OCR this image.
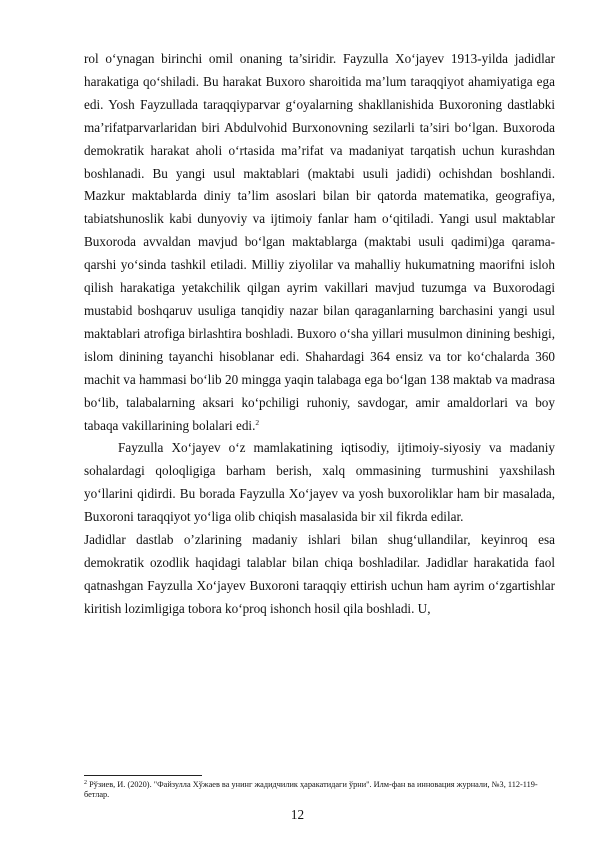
rol o‘ynagan birinchi omil onaning ta’siridir. Fayzulla Xo‘jayev 1913-yilda jadidlar harakatiga qo‘shiladi. Bu harakat Buxoro sharoitida ma’lum taraqqiyot ahamiyatiga ega edi. Yosh Fayzullada taraqqiyparvar g‘oyalarning shakllanishida Buxoroning dastlabki ma’rifatparvarlaridan biri Abdulvohid Burxonovning sezilarli ta’siri bo‘lgan. Buxoroda demokratik harakat aholi o‘rtasida ma’rifat va madaniyat tarqatish uchun kurashdan boshlanadi. Bu yangi usul maktablari (maktabi usuli jadidi) ochishdan boshlandi. Mazkur maktablarda diniy ta’lim asoslari bilan bir qatorda matematika, geografiya, tabiatshunoslik kabi dunyoviy va ijtimoiy fanlar ham o‘qitiladi. Yangi usul maktablar Buxoroda avvaldan mavjud bo‘lgan maktablarga (maktabi usuli qadimi)ga qarama-qarshi yo‘sinda tashkil etiladi. Milliy ziyolilar va mahalliy hukumatning maorifni isloh qilish harakatiga yetakchilik qilgan ayrim vakillari mavjud tuzumga va Buxorodagi mustabid boshqaruv usuliga tanqidiy nazar bilan qaraganlarning barchasini yangi usul maktablari atrofiga birlashtira boshladi. Buxoro o‘sha yillari musulmon dinining beshigi, islom dinining tayanchi hisoblanar edi. Shahardagi 364 ensiz va tor ko‘chalarda 360 machit va hammasi bo‘lib 20 mingga yaqin talabaga ega bo‘lgan 138 maktab va madrasa bo‘lib, talabalarning aksari ko‘pchiligi ruhoniy, savdogar, amir amaldorlari va boy tabaqa vakillarining bolalari edi.$^2$

Fayzulla Xo‘jayev o‘z mamlakatining iqtisodiy, ijtimoiy-siyosiy va madaniy sohalardagi qoloqligiga barham berish, xalq ommasining turmushini yaxshilash yo‘llarini qidirdi. Bu borada Fayzulla Xo‘jayev va yosh buxoroliklar ham bir masalada, Buxoroni taraqqiyot yo‘liga olib chiqish masalasida bir xil fikrda edilar.

Jadidlar dastlab o’zlarining madaniy ishlari bilan shug‘ullandilar, keyinroq esa demokratik ozodlik haqidagi talablar bilan chiqa boshladilar. Jadidlar harakatida faol qatnashgan Fayzulla Xo‘jayev Buxoroni taraqqiy ettirish uchun ham ayrim o‘zgartishlar kiritish lozimligiga tobora ko‘proq ishonch hosil qila boshladi. U,

$^2$ Рўзиев, И. (2020). "Файзулла Хўжаев ва унинг жадидчилик ҳаракатидаги ўрни". Илм-фан ва инновация журнали, №3, 112-119-бетлар.
12
